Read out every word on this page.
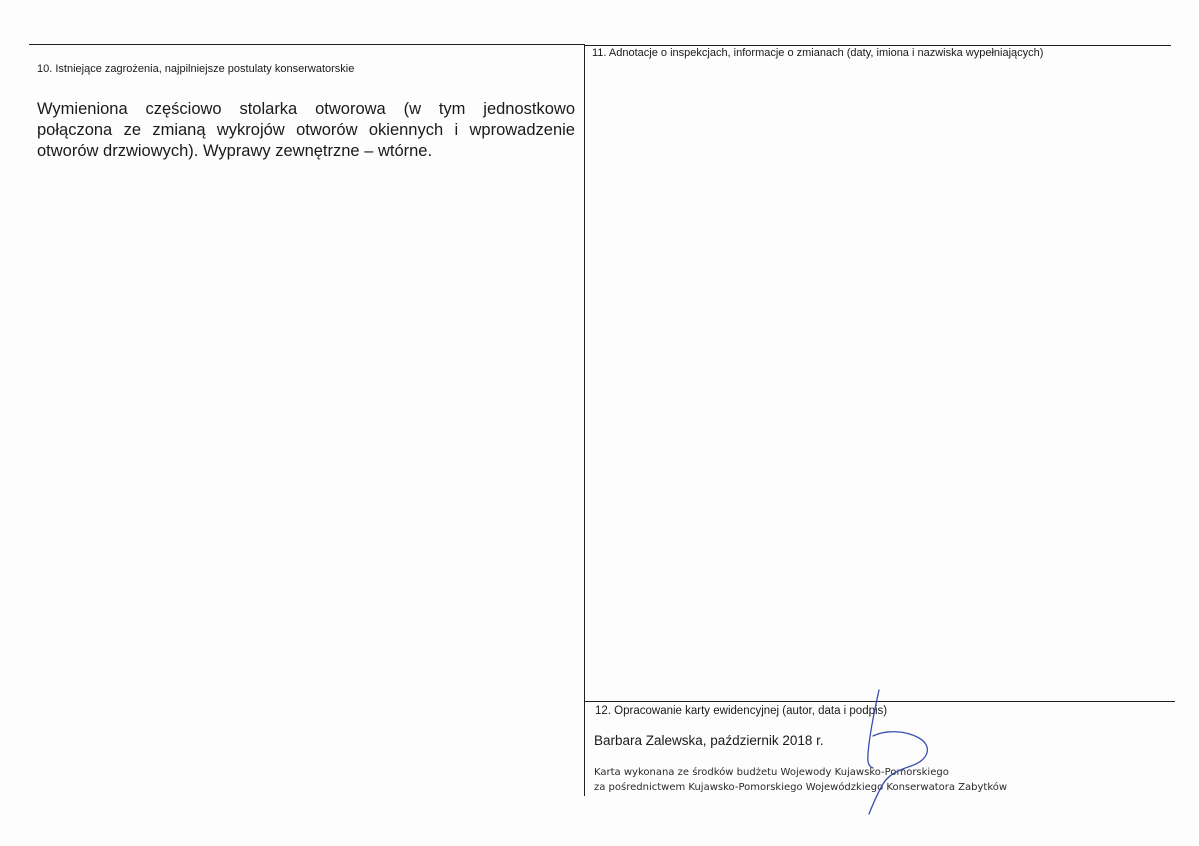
10. Istniejące zagrożenia, najpilniejsze postulaty konserwatorskie
Wymieniona częściowo stolarka otworowa (w tym jednostkowo połączona ze zmianą wykrojów otworów okiennych i wprowadzenie otworów drzwiowych). Wyprawy zewnętrzne – wtórne.
11. Adnotacje o inspekcjach, informacje o zmianach (daty, imiona i nazwiska wypełniających)
12. Opracowanie karty ewidencyjnej (autor, data i podpis)
Barbara Zalewska, październik 2018 r.
Karta wykonana ze środków budżetu Wojewody Kujawsko-Pomorskiego
za pośrednictwem Kujawsko-Pomorskiego Wojewódzkiego Konserwatora Zabytków
